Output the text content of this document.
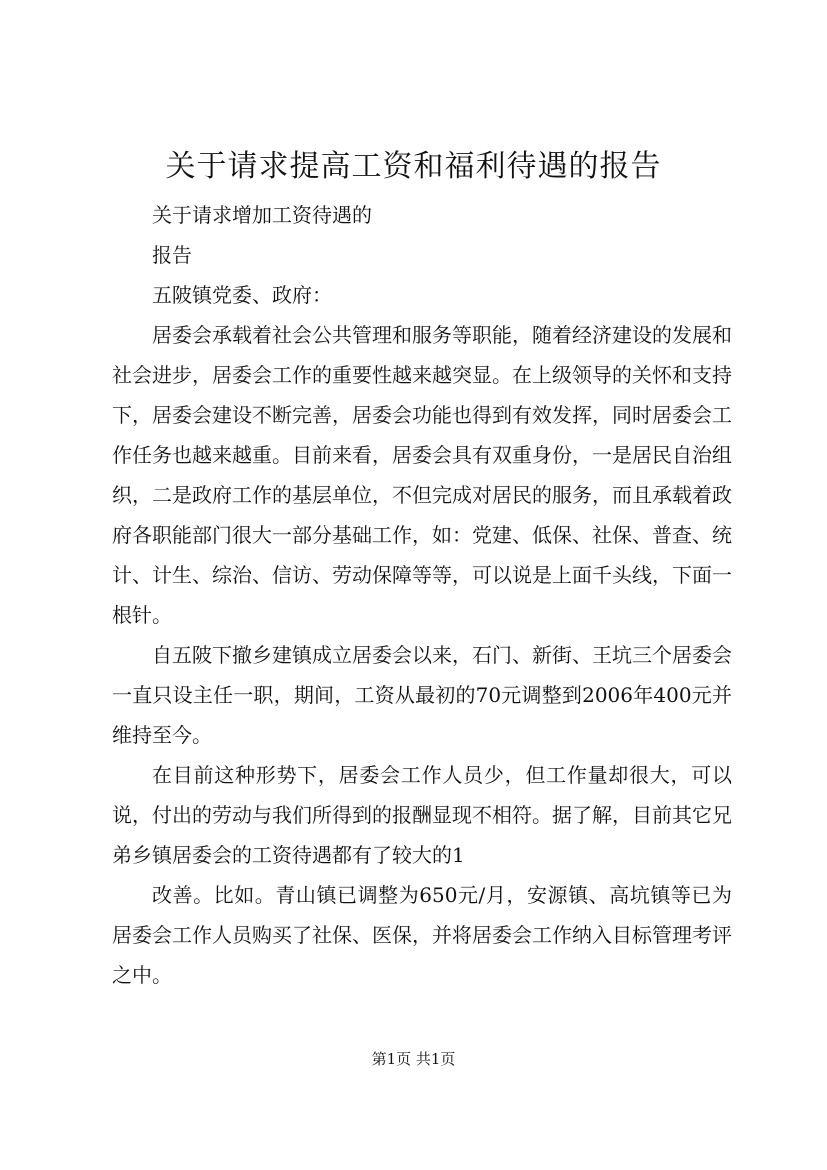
关于请求提高工资和福利待遇的报告
关于请求增加工资待遇的
报告
五陂镇党委、政府：

居委会承载着社会公共管理和服务等职能，随着经济建设的发展和社会进步，居委会工作的重要性越来越突显。在上级领导的关怀和支持下，居委会建设不断完善，居委会功能也得到有效发挥，同时居委会工作任务也越来越重。目前来看，居委会具有双重身份，一是居民自治组织，二是政府工作的基层单位，不但完成对居民的服务，而且承载着政府各职能部门很大一部分基础工作，如：党建、低保、社保、普查、统计、计生、综治、信访、劳动保障等等，可以说是上面千头线，下面一根针。

自五陂下撤乡建镇成立居委会以来，石门、新街、王坑三个居委会一直只设主任一职，期间，工资从最初的70元调整到2006年400元并维持至今。

在目前这种形势下，居委会工作人员少，但工作量却很大，可以说，付出的劳动与我们所得到的报酬显现不相符。据了解，目前其它兄弟乡镇居委会的工资待遇都有了较大的1

改善。比如。青山镇已调整为650元/月，安源镇、高坑镇等已为居委会工作人员购买了社保、医保，并将居委会工作纳入目标管理考评之中。

第1页 共1页
